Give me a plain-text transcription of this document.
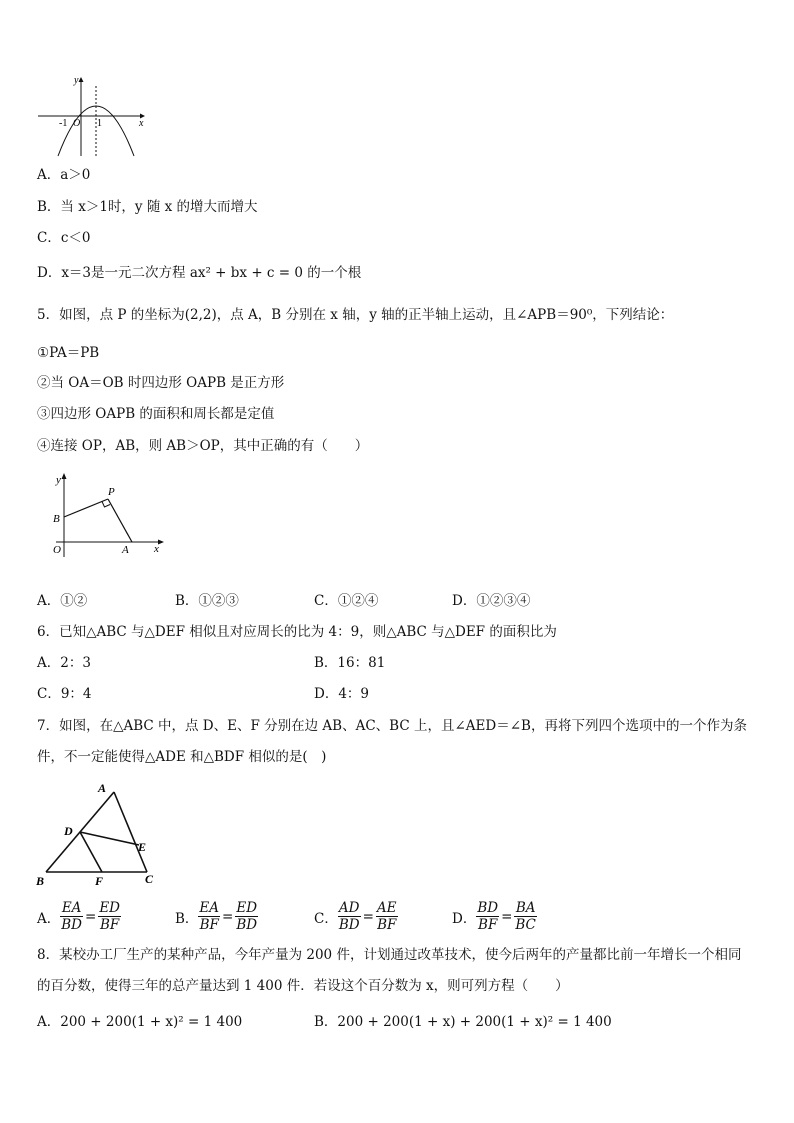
y
x
-1 O 1
A．a＞0
B．当 x＞1时，y 随 x 的增大而增大
C．c＜0
D．x＝3是一元二次方程 ax² + bx + c = 0 的一个根
5．如图，点 P 的坐标为(2,2)，点 A，B 分别在 x 轴，y 轴的正半轴上运动，且∠APB＝90⁰，下列结论：
①PA＝PB
②当 OA＝OB 时四边形 OAPB 是正方形
③四边形 OAPB 的面积和周长都是定值
④连接 OP，AB，则 AB＞OP，其中正确的有（　　）
y
x
P
B
O	A
A．①②	B．①②③	C．①②④	D．①②③④
6．已知△ABC 与△DEF 相似且对应周长的比为 4：9，则△ABC 与△DEF 的面积比为
A．2：3	B．16：81
C．9：4	D．4：9
7．如图，在△ABC 中，点 D、E、F 分别在边 AB、AC、BC 上，且∠AED＝∠B，再将下列四个选项中的一个作为条
件，不一定能使得△ADE 和△BDF 相似的是(　)
A
D
E
B	F	C
A． $\frac{EA}{BD} = \frac{ED}{BF}$	B． $\frac{EA}{BF} = \frac{ED}{BD}$	C． $\frac{AD}{BD} = \frac{AE}{BF}$	D． $\frac{BD}{BF} = \frac{BA}{BC}$
8．某校办工厂生产的某种产品，今年产量为 200 件，计划通过改革技术，使今后两年的产量都比前一年增长一个相同
的百分数，使得三年的总产量达到 1 400 件．若设这个百分数为 x，则可列方程（　　）
A．200 + 200(1 + x)² = 1 400	B．200 + 200(1 + x) + 200(1 + x)² = 1 400
